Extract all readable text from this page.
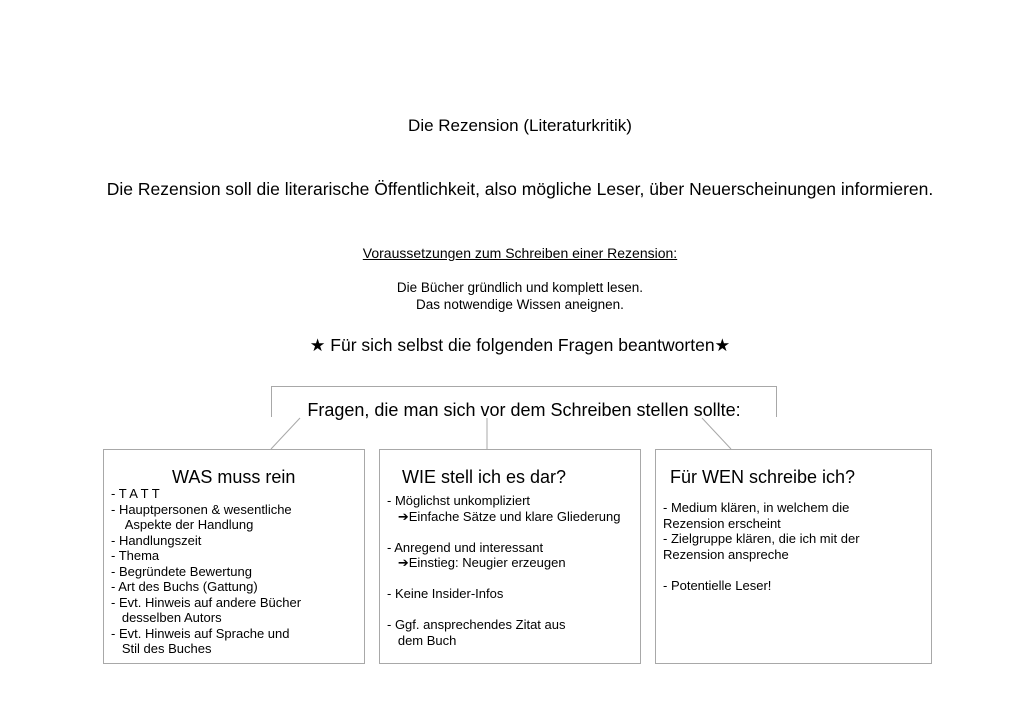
Die Rezension (Literaturkritik)
Die Rezension soll die literarische Öffentlichkeit, also mögliche Leser, über Neuerscheinungen informieren.
Voraussetzungen zum Schreiben einer Rezension:
Die Bücher gründlich und komplett lesen.
Das notwendige Wissen aneignen.
★ Für sich selbst die folgenden Fragen beantworten★
Fragen, die man sich vor dem Schreiben stellen sollte:
WAS muss rein
- T A T T
- Hauptpersonen & wesentliche
Aspekte der Handlung
- Handlungszeit
- Thema
- Begründete Bewertung
- Art des Buchs (Gattung)
- Evt. Hinweis auf andere Bücher
desselben Autors
- Evt. Hinweis auf Sprache und
Stil des Buches
WIE stell ich es dar?
- Möglichst unkompliziert
➔Einfache Sätze und klare Gliederung

- Anregend und interessant
➔Einstieg: Neugier erzeugen

- Keine Insider-Infos

- Ggf. ansprechendes Zitat aus
dem Buch
Für WEN schreibe ich?
- Medium klären, in welchem die
Rezension erscheint
- Zielgruppe klären, die ich mit der
Rezension anspreche

- Potentielle Leser!
